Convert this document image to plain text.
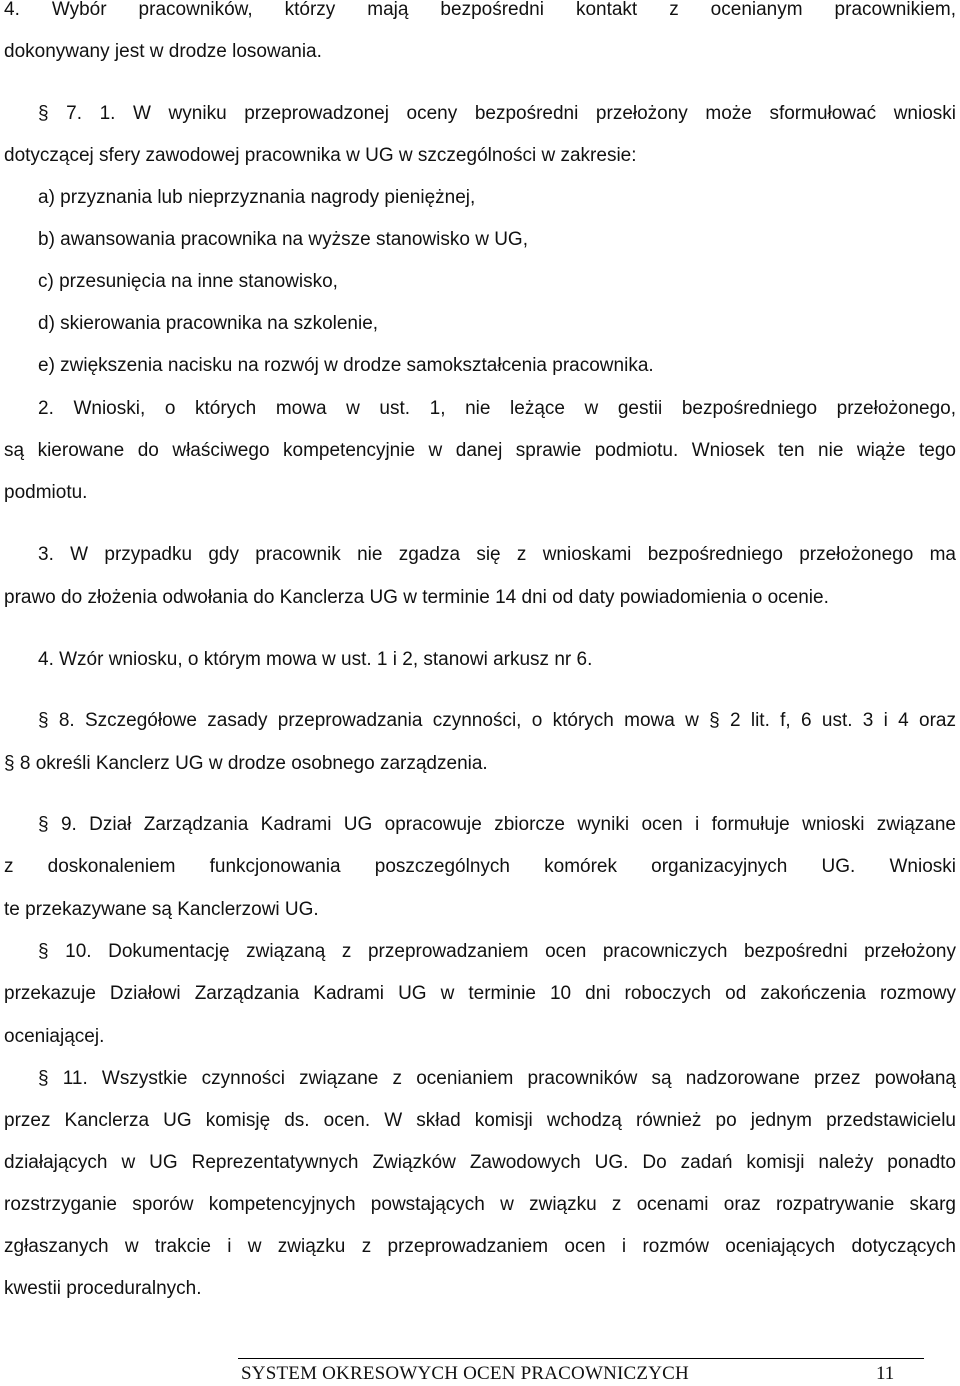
4. Wybór pracowników, którzy mają bezpośredni kontakt z ocenianym pracownikiem,

dokonywany jest w drodze losowania.

§ 7. 1. W wyniku przeprowadzonej oceny bezpośredni przełożony może sformułować wnioski

dotyczącej sfery zawodowej pracownika w UG w szczególności w zakresie:

a) przyznania lub nieprzyznania nagrody pieniężnej,

b) awansowania pracownika na wyższe stanowisko w UG,

c) przesunięcia na inne stanowisko,

d) skierowania pracownika na szkolenie,

e) zwiększenia nacisku na rozwój w drodze samokształcenia pracownika.

2. Wnioski, o których mowa w ust. 1, nie leżące w gestii bezpośredniego przełożonego,

są kierowane do właściwego kompetencyjnie w danej sprawie podmiotu. Wniosek ten nie wiąże tego

podmiotu.

3. W przypadku gdy pracownik nie zgadza się z wnioskami bezpośredniego przełożonego ma

prawo do złożenia odwołania do Kanclerza UG w terminie 14 dni od daty powiadomienia o ocenie.

4. Wzór wniosku, o którym mowa w ust. 1 i 2, stanowi arkusz nr 6.

§ 8. Szczegółowe zasady przeprowadzania czynności, o których mowa w § 2 lit. f, 6 ust. 3 i 4 oraz

§ 8 określi Kanclerz UG w drodze osobnego zarządzenia.

§ 9. Dział Zarządzania Kadrami UG opracowuje zbiorcze wyniki ocen i formułuje wnioski związane

z doskonaleniem funkcjonowania poszczególnych komórek organizacyjnych UG. Wnioski

te przekazywane są Kanclerzowi UG.

§ 10. Dokumentację związaną z przeprowadzaniem ocen pracowniczych bezpośredni przełożony

przekazuje Działowi Zarządzania Kadrami UG w terminie 10 dni roboczych od zakończenia rozmowy

oceniającej.

§ 11. Wszystkie czynności związane z ocenianiem pracowników są nadzorowane przez powołaną

przez Kanclerza UG komisję ds. ocen. W skład komisji wchodzą również po jednym przedstawicielu

działających w UG Reprezentatywnych Związków Zawodowych UG. Do zadań komisji należy ponadto

rozstrzyganie sporów kompetencyjnych powstających w związku z ocenami oraz rozpatrywanie skarg

zgłaszanych w trakcie i w związku z przeprowadzaniem ocen i rozmów oceniających dotyczących

kwestii proceduralnych.

SYSTEM OKRESOWYCH OCEN PRACOWNICZYCH	11
